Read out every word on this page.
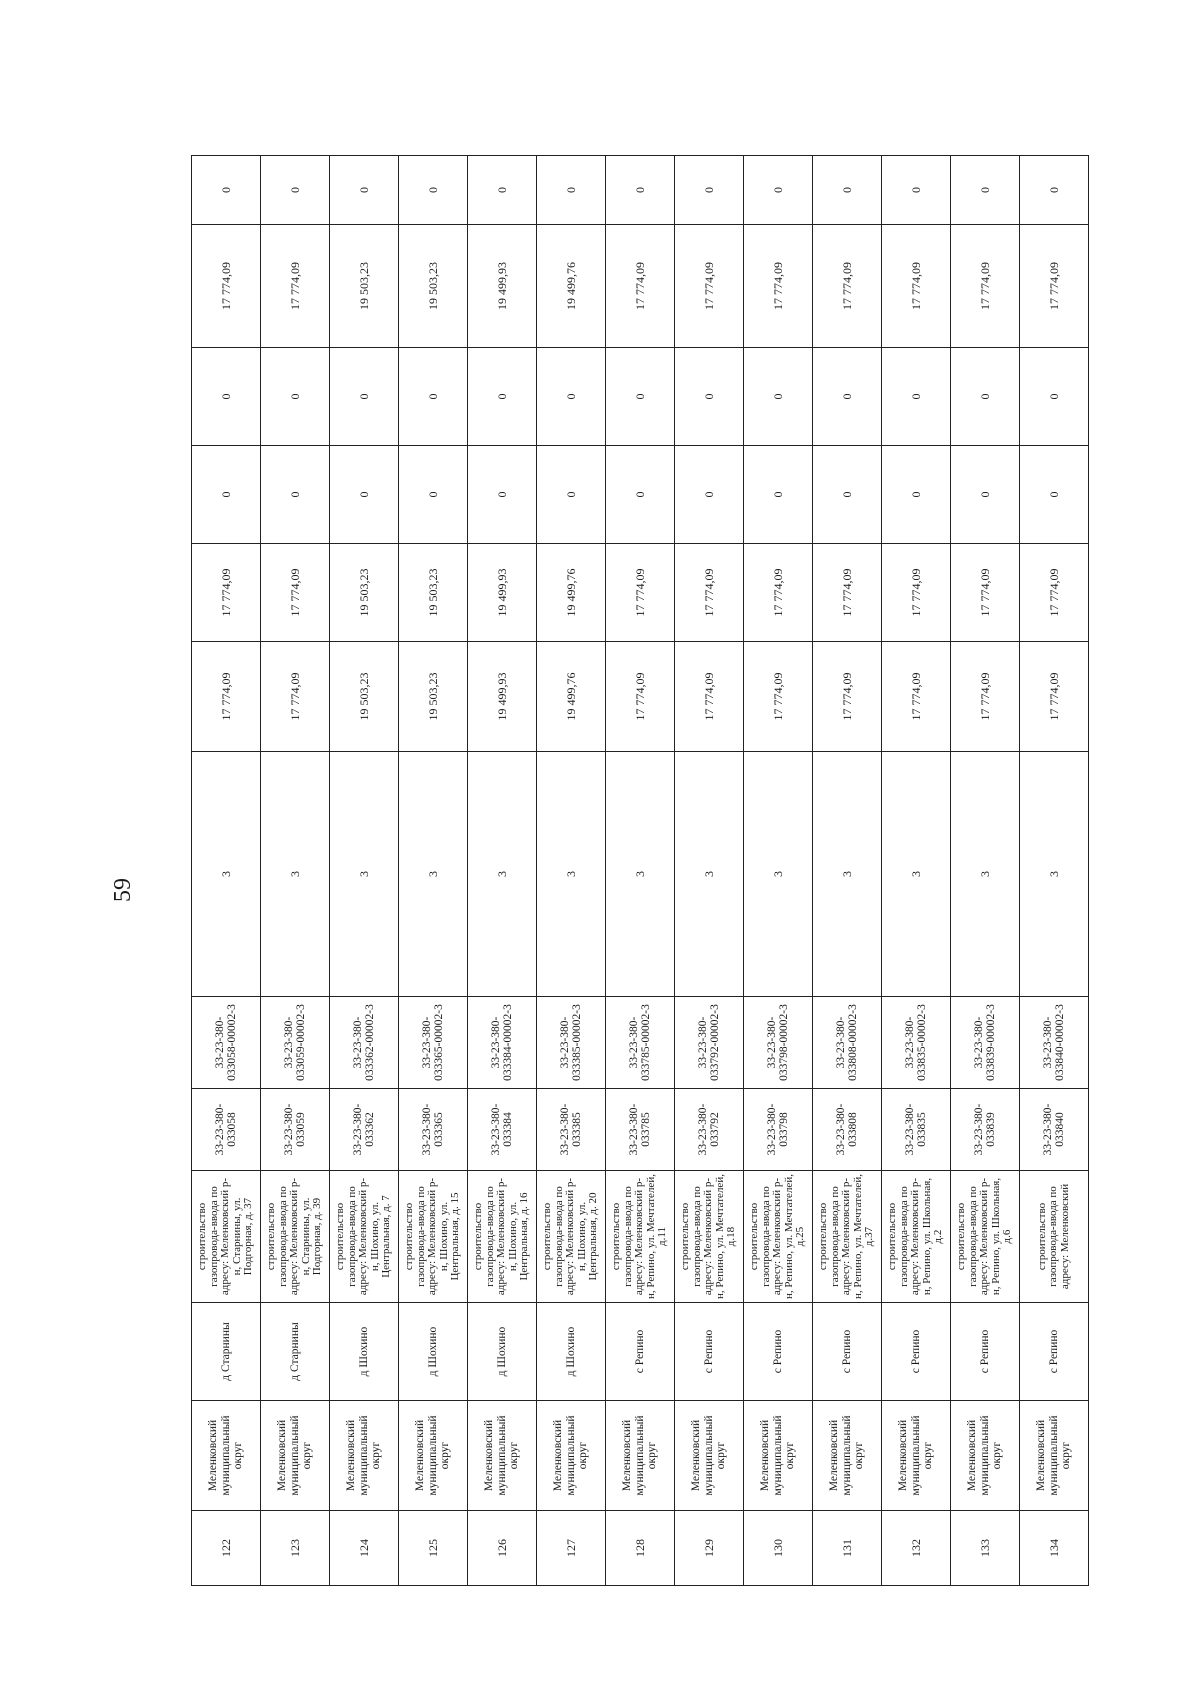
59
122	Меленковский муниципальный округ	д Старнины	строительство газопровода-ввода по адресу: Меленковский р-н, Старнины, ул. Подгорная, д. 37	33-23-380-033058	33-23-380-033058-00002-3	3	17 774,09	17 774,09	0	0	17 774,09	0
123	Меленковский муниципальный округ	д Старнины	строительство газопровода-ввода по адресу: Меленковский р-н, Старнины, ул. Подгорная, д. 39	33-23-380-033059	33-23-380-033059-00002-3	3	17 774,09	17 774,09	0	0	17 774,09	0
124	Меленковский муниципальный округ	д Шохино	строительство газопровода-ввода по адресу: Меленковский р-н, Шохино, ул. Центральная, д. 7	33-23-380-033362	33-23-380-033362-00002-3	3	19 503,23	19 503,23	0	0	19 503,23	0
125	Меленковский муниципальный округ	д Шохино	строительство газопровода-ввода по адресу: Меленковский р-н, Шохино, ул. Центральная, д. 15	33-23-380-033365	33-23-380-033365-00002-3	3	19 503,23	19 503,23	0	0	19 503,23	0
126	Меленковский муниципальный округ	д Шохино	строительство газопровода-ввода по адресу: Меленковский р-н, Шохино, ул. Центральная, д. 16	33-23-380-033384	33-23-380-033384-00002-3	3	19 499,93	19 499,93	0	0	19 499,93	0
127	Меленковский муниципальный округ	д Шохино	строительство газопровода-ввода по адресу: Меленковский р-н, Шохино, ул. Центральная, д. 20	33-23-380-033385	33-23-380-033385-00002-3	3	19 499,76	19 499,76	0	0	19 499,76	0
128	Меленковский муниципальный округ	с Репино	строительство газопровода-ввода по адресу: Меленковский р-н, Репино, ул. Мечтателей, д.11	33-23-380-033785	33-23-380-033785-00002-3	3	17 774,09	17 774,09	0	0	17 774,09	0
129	Меленковский муниципальный округ	с Репино	строительство газопровода-ввода по адресу: Меленковский р-н, Репино, ул. Мечтателей, д.18	33-23-380-033792	33-23-380-033792-00002-3	3	17 774,09	17 774,09	0	0	17 774,09	0
130	Меленковский муниципальный округ	с Репино	строительство газопровода-ввода по адресу: Меленковский р-н, Репино, ул. Мечтателей, д.25	33-23-380-033798	33-23-380-033798-00002-3	3	17 774,09	17 774,09	0	0	17 774,09	0
131	Меленковский муниципальный округ	с Репино	строительство газопровода-ввода по адресу: Меленковский р-н, Репино, ул. Мечтателей, д.37	33-23-380-033808	33-23-380-033808-00002-3	3	17 774,09	17 774,09	0	0	17 774,09	0
132	Меленковский муниципальный округ	с Репино	строительство газопровода-ввода по адресу: Меленковский р-н, Репино, ул. Школьная, д.2	33-23-380-033835	33-23-380-033835-00002-3	3	17 774,09	17 774,09	0	0	17 774,09	0
133	Меленковский муниципальный округ	с Репино	строительство газопровода-ввода по адресу: Меленковский р-н, Репино, ул. Школьная, д.6	33-23-380-033839	33-23-380-033839-00002-3	3	17 774,09	17 774,09	0	0	17 774,09	0
134	Меленковский муниципальный округ	с Репино	строительство газопровода-ввода по адресу: Меленковский	33-23-380-033840	33-23-380-033840-00002-3	3	17 774,09	17 774,09	0	0	17 774,09	0
